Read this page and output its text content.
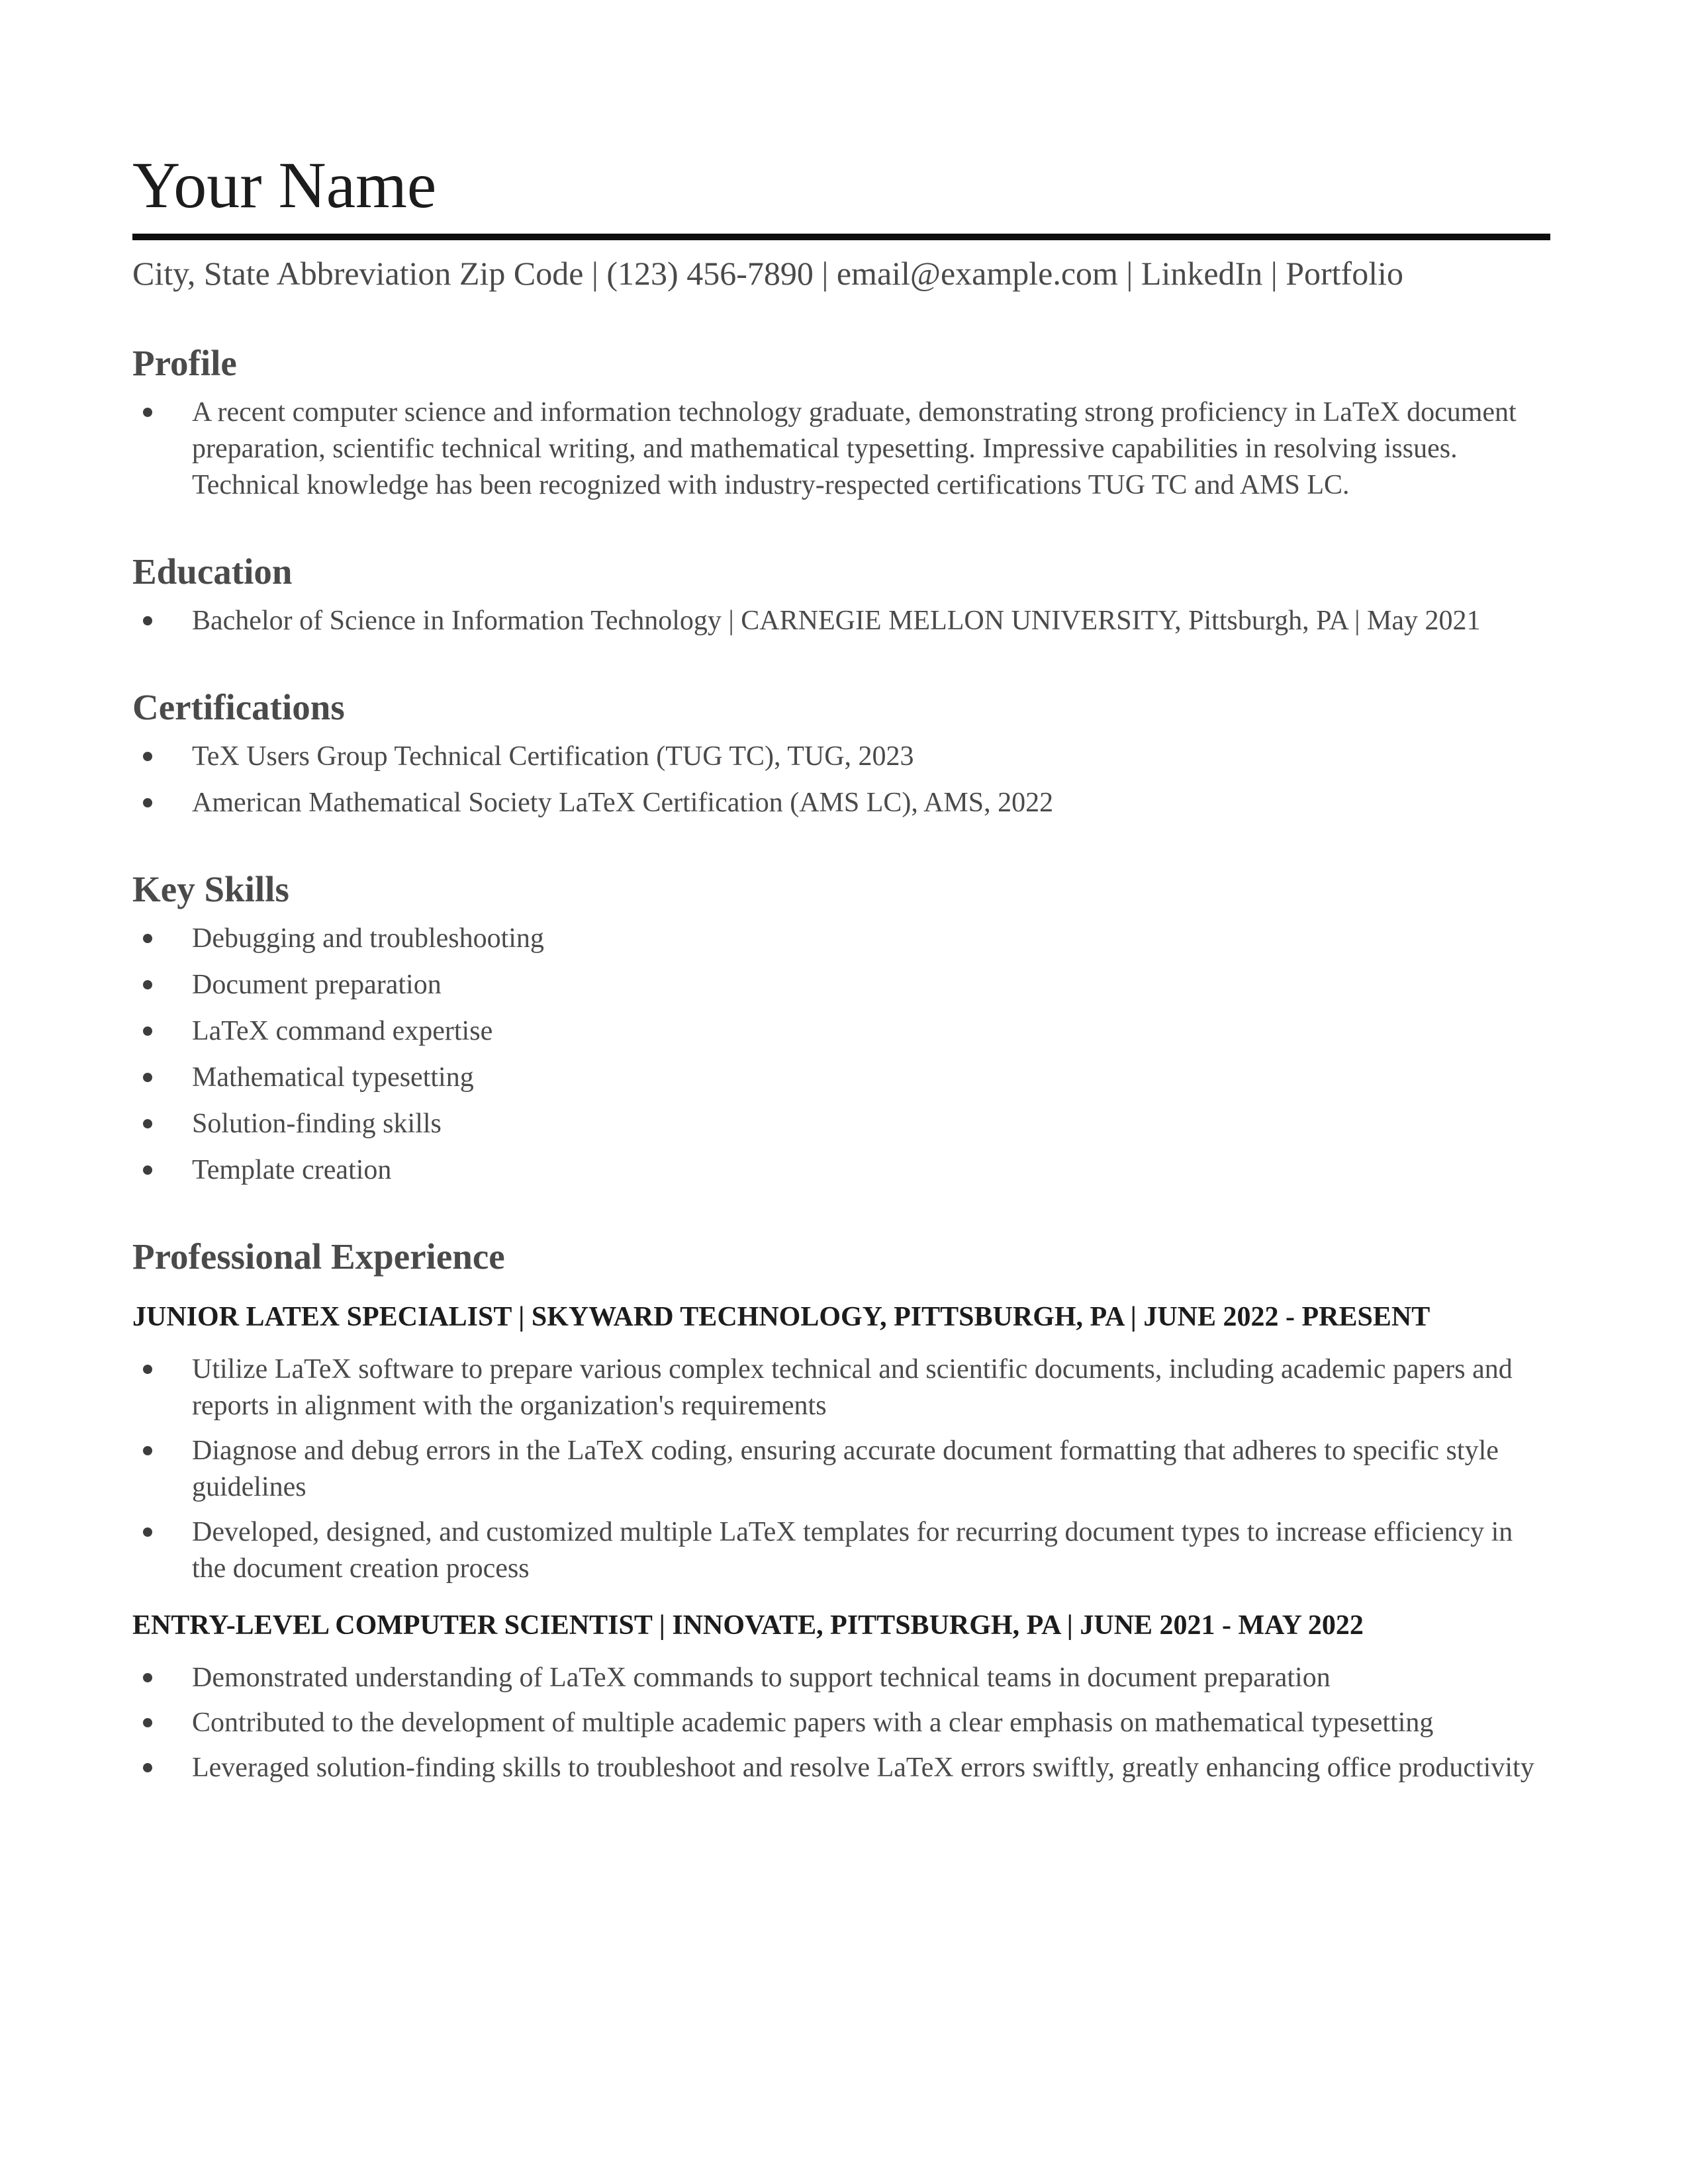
Your Name

City, State Abbreviation Zip Code | (123) 456-7890 | email@example.com | LinkedIn | Portfolio

Profile
A recent computer science and information technology graduate, demonstrating strong proficiency in LaTeX document preparation, scientific technical writing, and mathematical typesetting. Impressive capabilities in resolving issues. Technical knowledge has been recognized with industry-respected certifications TUG TC and AMS LC.
Education
Bachelor of Science in Information Technology | CARNEGIE MELLON UNIVERSITY, Pittsburgh, PA | May 2021
Certifications
TeX Users Group Technical Certification (TUG TC), TUG, 2023
American Mathematical Society LaTeX Certification (AMS LC), AMS, 2022
Key Skills
Debugging and troubleshooting
Document preparation
LaTeX command expertise
Mathematical typesetting
Solution-finding skills
Template creation
Professional Experience
JUNIOR LATEX SPECIALIST | SKYWARD TECHNOLOGY, PITTSBURGH, PA | JUNE 2022 - PRESENT
Utilize LaTeX software to prepare various complex technical and scientific documents, including academic papers and reports in alignment with the organization's requirements
Diagnose and debug errors in the LaTeX coding, ensuring accurate document formatting that adheres to specific style guidelines
Developed, designed, and customized multiple LaTeX templates for recurring document types to increase efficiency in the document creation process
ENTRY-LEVEL COMPUTER SCIENTIST | INNOVATE, PITTSBURGH, PA | JUNE 2021 - MAY 2022
Demonstrated understanding of LaTeX commands to support technical teams in document preparation
Contributed to the development of multiple academic papers with a clear emphasis on mathematical typesetting
Leveraged solution-finding skills to troubleshoot and resolve LaTeX errors swiftly, greatly enhancing office productivity
